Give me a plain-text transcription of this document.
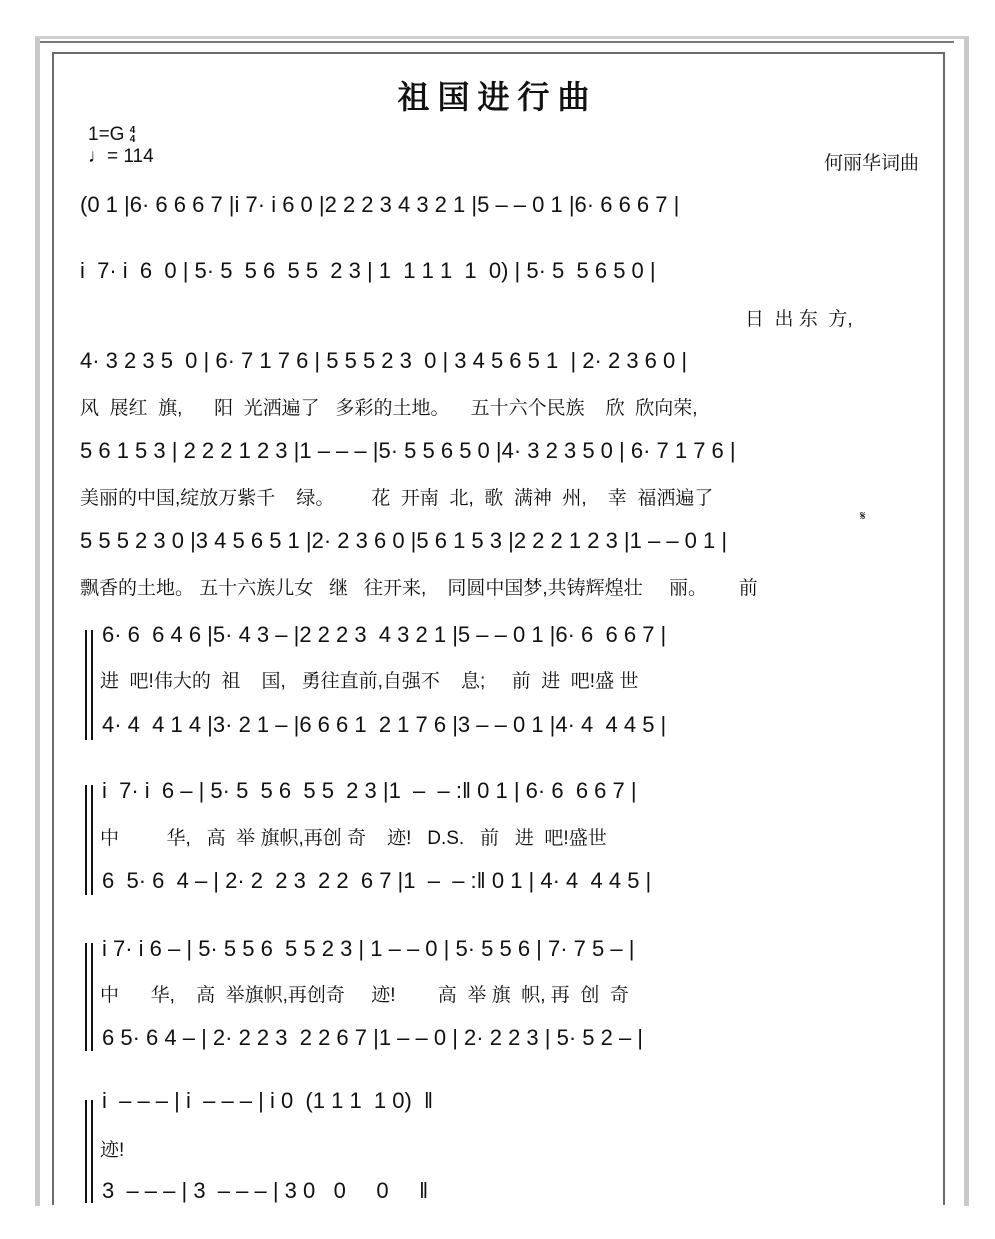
祖国进行曲
1=G 4
4
♩= 114	何丽华词曲
(0 1 |6· 6 6 6 7 |i 7· i 6 0 |2 2 2 3 4 3 2 1 |5 – – 0 1 |6· 6 6 6 7 |
i  7· i  6  0 | 5· 5  5 6  5 5  2 3 | 1  1 1 1  1  0) | 5· 5  5 6 5 0 |
日  出 东  方,
4· 3 2 3 5  0 | 6· 7 1 7 6 | 5 5 5 2 3  0 | 3 4 5 6 5 1  | 2· 2 3 6 0 |
风  展红  旗,      阳  光洒遍了   多彩的土地。    五十六个民族    欣  欣向荣,
5 6 1 5 3 | 2 2 2 1 2 3 |1 – – – |5· 5 5 6 5 0 |4· 3 2 3 5 0 | 6· 7 1 7 6 |
美丽的中国,绽放万紫千    绿。       花  开南  北,  歌  满神  州,    幸  福洒遍了
𝄋
5 5 5 2 3 0 |3 4 5 6 5 1 |2· 2 3 6 0 |5 6 1 5 3 |2 2 2 1 2 3 |1 – – 0 1 |
飘香的土地。 五十六族儿女   继   往开来,    同圆中国梦,共铸辉煌壮     丽。      前
6· 6  6 4 6 |5· 4 3 – |2 2 2 3  4 3 2 1 |5 – – 0 1 |6· 6  6 6 7 |
进  吧!伟大的  祖    国,   勇往直前,自强不    息;     前  进  吧!盛 世
4· 4  4 1 4 |3· 2 1 – |6 6 6 1  2 1 7 6 |3 – – 0 1 |4· 4  4 4 5 |
i  7· i  6 – | 5· 5  5 6  5 5  2 3 |1  –  – :‖ 0 1 | 6· 6  6 6 7 |
中         华,   高  举 旗帜,再创 奇    迹!   D.S.   前   进  吧!盛世
6  5· 6  4 – | 2· 2  2 3  2 2  6 7 |1  –  – :‖ 0 1 | 4· 4  4 4 5 |
i 7· i 6 – | 5· 5 5 6  5 5 2 3 | 1 – – 0 | 5· 5 5 6 | 7· 7 5 – |
中      华,    高  举旗帜,再创奇     迹!        高  举 旗  帜, 再  创  奇
6 5· 6 4 – | 2· 2 2 3  2 2 6 7 |1 – – 0 | 2· 2 2 3 | 5· 5 2 – |
i  – – – | i  – – – | i 0  (1 1 1  1 0)  ‖
迹!
3  – – – | 3  – – – | 3 0   0     0     ‖
